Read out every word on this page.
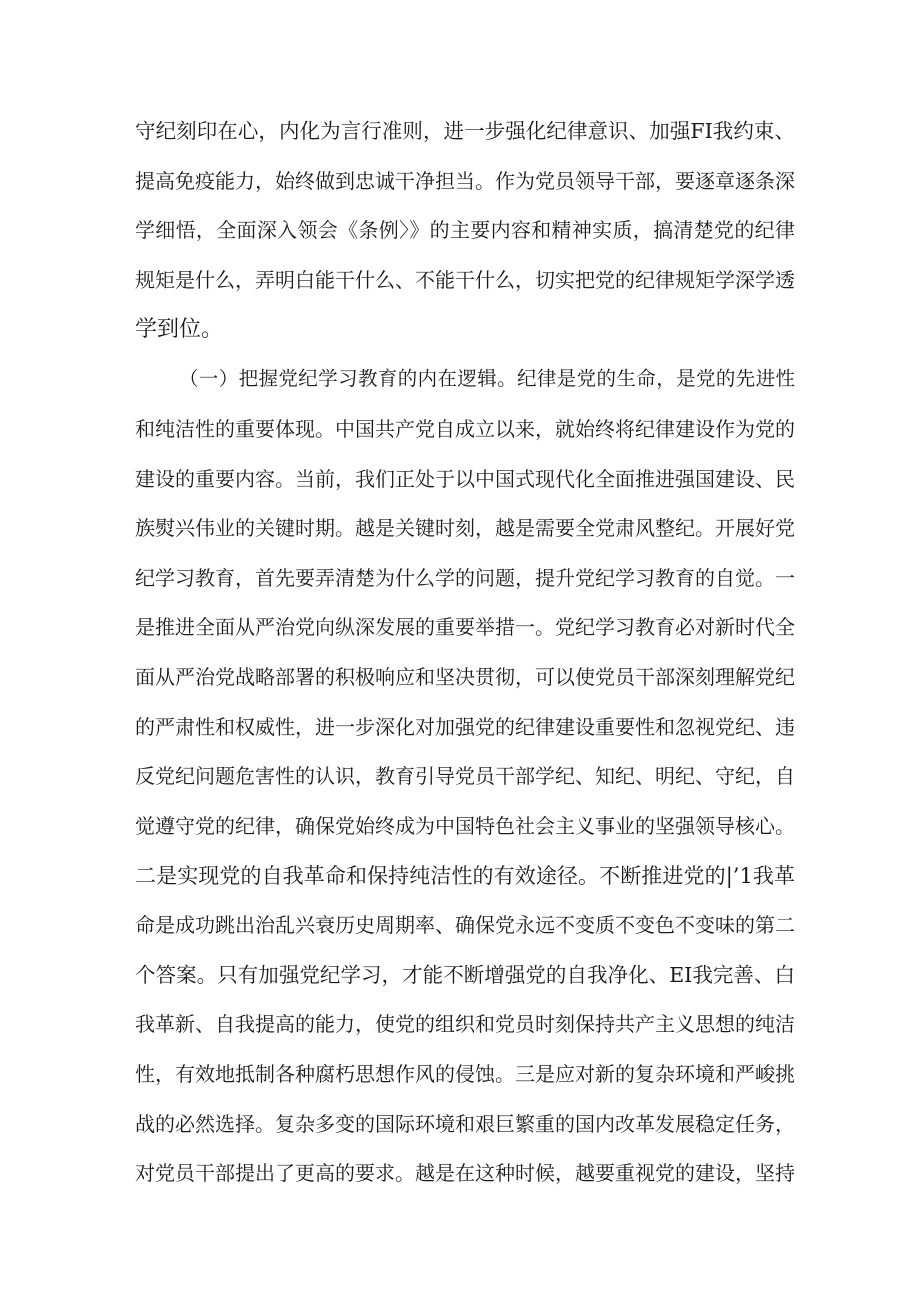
守纪刻印在心，内化为言行准则，进一步强化纪律意识、加强FI我约束、
提高免疫能力，始终做到忠诚干净担当。作为党员领导干部，要逐章逐条深
学细悟，全面深入领会《条例〉》的主要内容和精神实质，搞清楚党的纪律
规矩是什么，弄明白能干什么、不能干什么，切实把党的纪律规矩学深学透
学到位。
（一）把握党纪学习教育的内在逻辑。纪律是党的生命，是党的先进性
和纯洁性的重要体现。中国共产党自成立以来，就始终将纪律建设作为党的
建设的重要内容。当前，我们正处于以中国式现代化全面推进强国建设、民
族熨兴伟业的关键时期。越是关键时刻，越是需要全党肃风整纪。开展好党
纪学习教育，首先要弄清楚为什么学的问题，提升党纪学习教育的自觉。一
是推进全面从严治党向纵深发展的重要举措一。党纪学习教育必对新时代全
面从严治党战略部署的积极响应和坚决贯彻，可以使党员干部深刻理解党纪
的严肃性和权威性，进一步深化对加强党的纪律建设重要性和忽视党纪、违
反党纪问题危害性的认识，教育引导党员干部学纪、知纪、明纪、守纪，自
觉遵守党的纪律，确保党始终成为中国特色社会主义事业的坚强领导核心。
二是实现党的自我革命和保持纯洁性的有效途径。不断推进党的|’1我革
命是成功跳出治乱兴衰历史周期率、确保党永远不变质不变色不变味的第二
个答案。只有加强党纪学习，才能不断增强党的自我净化、EI我完善、白
我革新、自我提高的能力，使党的组织和党员时刻保持共产主义思想的纯洁
性，有效地抵制各种腐朽思想作风的侵蚀。三是应对新的复杂环境和严峻挑
战的必然选择。复杂多变的国际环境和艰巨繁重的国内改革发展稳定任务，
对党员干部提出了更高的要求。越是在这种时候，越要重视党的建设，坚持
